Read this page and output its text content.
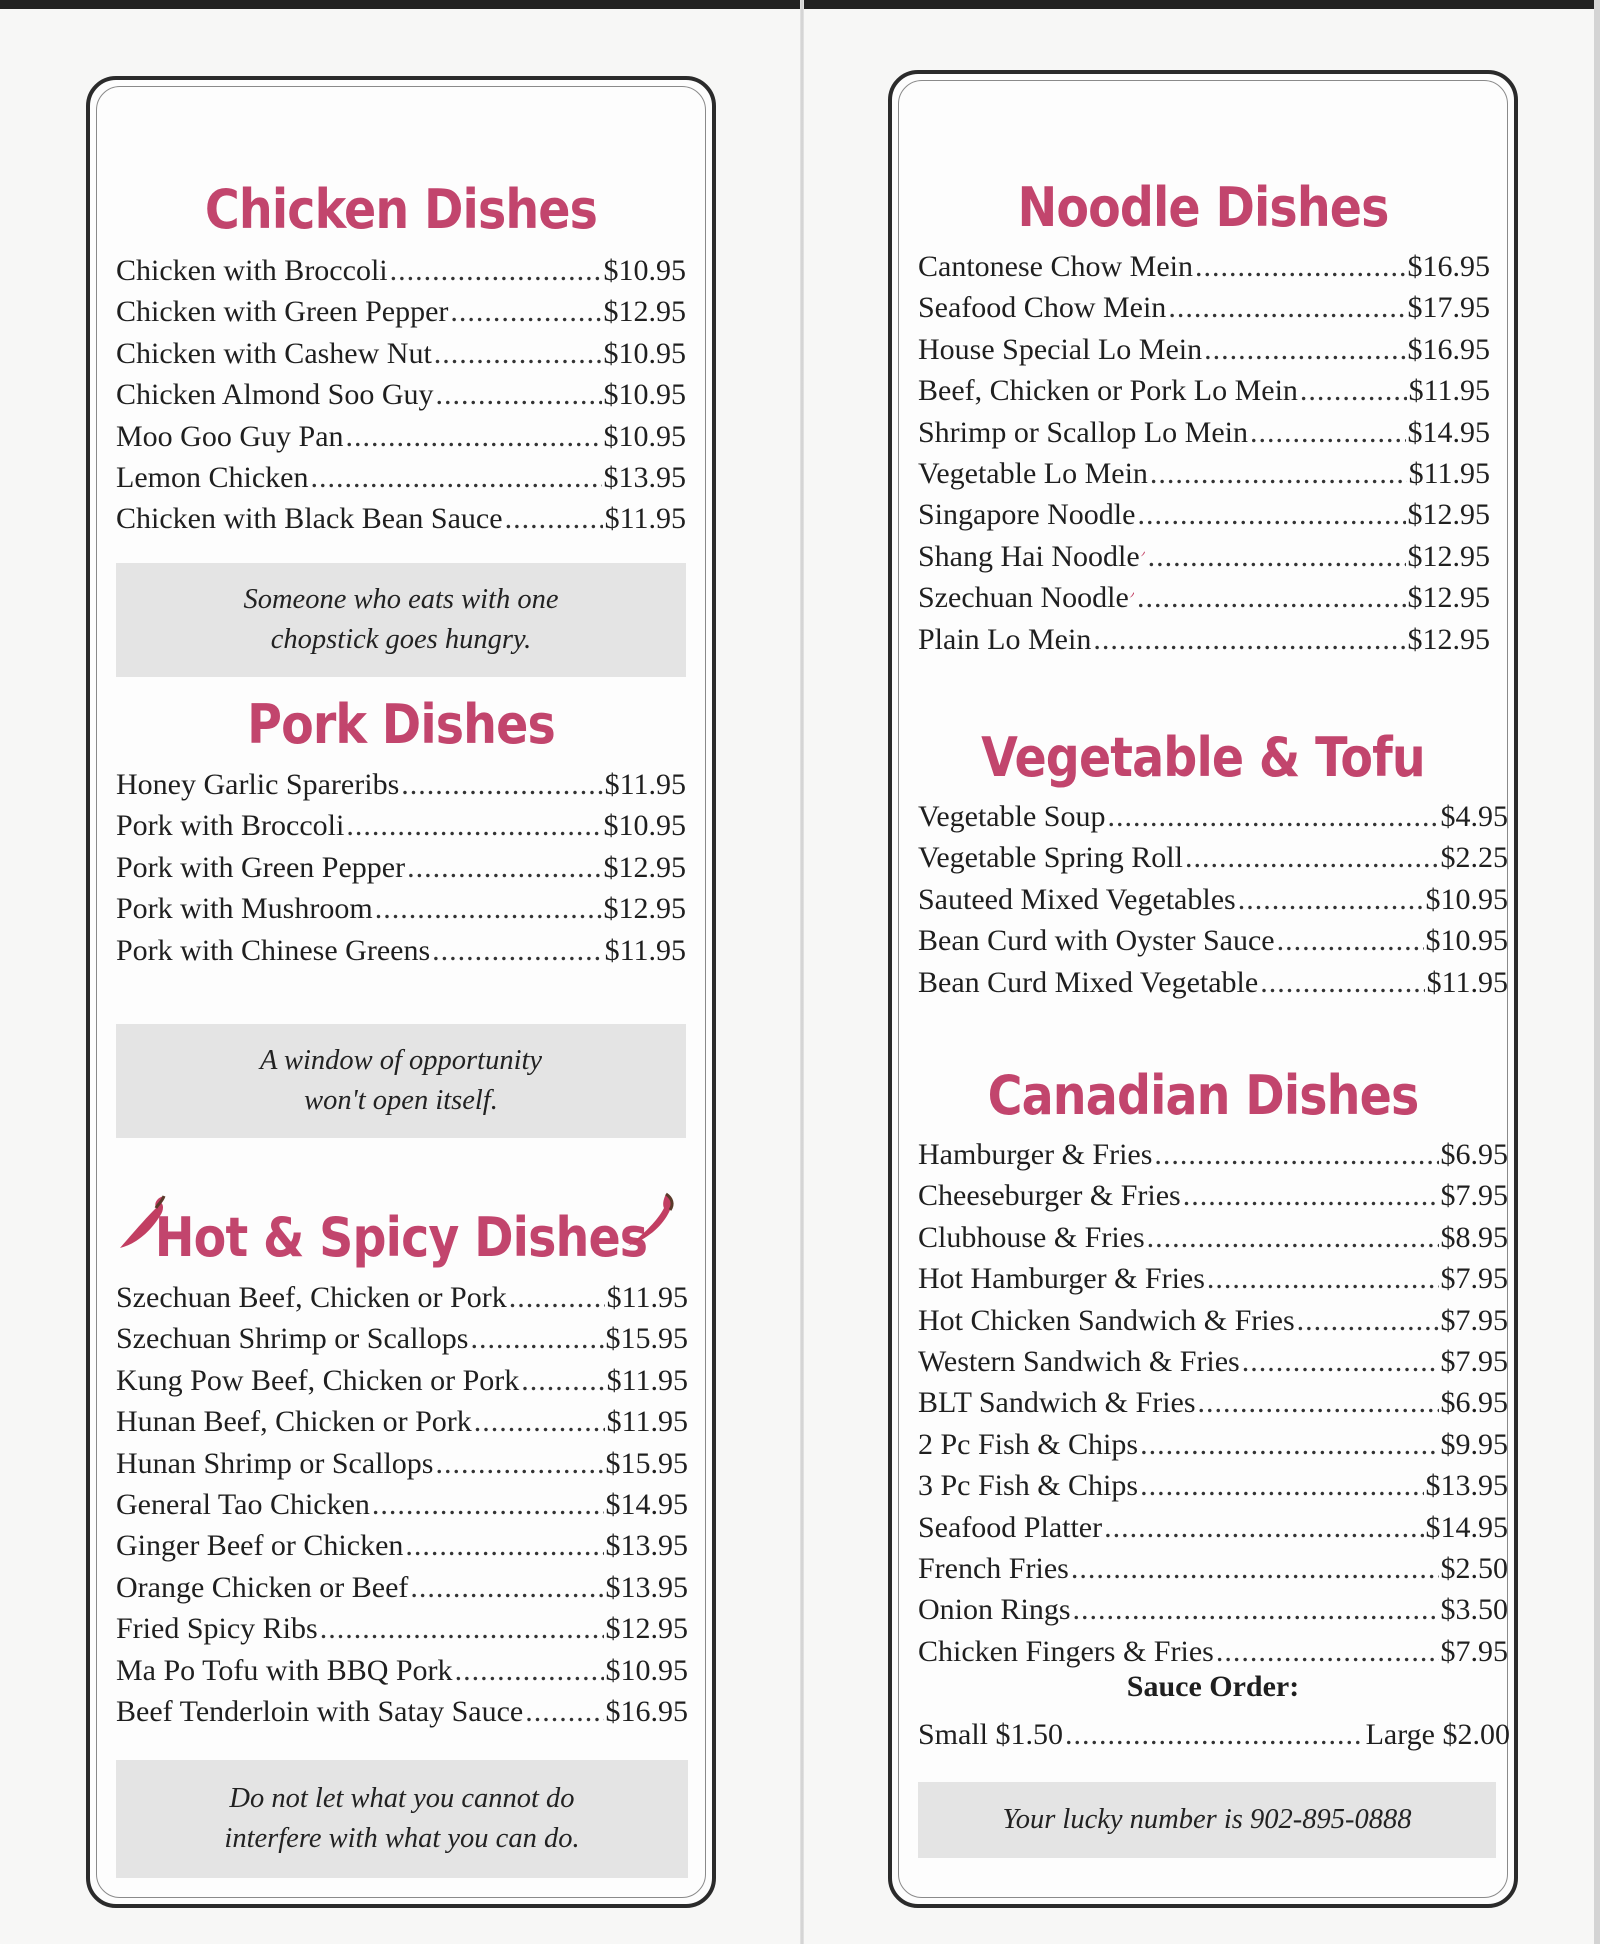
Chicken Dishes
Chicken with Broccoli .....	$10.95
Chicken with Green Pepper .....	$12.95
Chicken with Cashew Nut .....	$10.95
Chicken Almond Soo Guy .....	$10.95
Moo Goo Guy Pan .....	$10.95
Lemon Chicken .....	$13.95
Chicken with Black Bean Sauce .....	$11.95
Someone who eats with one
chopstick goes hungry.
Pork Dishes
Honey Garlic Spareribs .....	$11.95
Pork with Broccoli .....	$10.95
Pork with Green Pepper .....	$12.95
Pork with Mushroom .....	$12.95
Pork with Chinese Greens .....	$11.95
A window of opportunity
won't open itself.
Hot & Spicy Dishes
Szechuan Beef, Chicken or Pork .....	$11.95
Szechuan Shrimp or Scallops .....	$15.95
Kung Pow Beef, Chicken or Pork .....	$11.95
Hunan Beef, Chicken or Pork .....	$11.95
Hunan Shrimp or Scallops .....	$15.95
General Tao Chicken .....	$14.95
Ginger Beef or Chicken .....	$13.95
Orange Chicken or Beef .....	$13.95
Fried Spicy Ribs .....	$12.95
Ma Po Tofu with BBQ Pork .....	$10.95
Beef Tenderloin with Satay Sauce .....	$16.95
Do not let what you cannot do
interfere with what you can do.
Noodle Dishes
Cantonese Chow Mein .....	$16.95
Seafood Chow Mein .....	$17.95
House Special Lo Mein .....	$16.95
Beef, Chicken or Pork Lo Mein .....	$11.95
Shrimp or Scallop Lo Mein .....	$14.95
Vegetable Lo Mein .....	$11.95
Singapore Noodle .....	$12.95
Shang Hai Noodle .....	$12.95
Szechuan Noodle .....	$12.95
Plain Lo Mein .....	$12.95
Vegetable & Tofu
Vegetable Soup .....	$4.95
Vegetable Spring Roll .....	$2.25
Sauteed Mixed Vegetables .....	$10.95
Bean Curd with Oyster Sauce .....	$10.95
Bean Curd Mixed Vegetable .....	$11.95
Canadian Dishes
Hamburger & Fries .....	$6.95
Cheeseburger & Fries .....	$7.95
Clubhouse & Fries .....	$8.95
Hot Hamburger & Fries .....	$7.95
Hot Chicken Sandwich & Fries .....	$7.95
Western Sandwich & Fries .....	$7.95
BLT Sandwich & Fries .....	$6.95
2 Pc Fish & Chips .....	$9.95
3 Pc Fish & Chips .....	$13.95
Seafood Platter .....	$14.95
French Fries .....	$2.50
Onion Rings .....	$3.50
Chicken Fingers & Fries .....	$7.95
Sauce Order:
Small $1.50 .....	Large $2.00
Your lucky number is 902-895-0888
